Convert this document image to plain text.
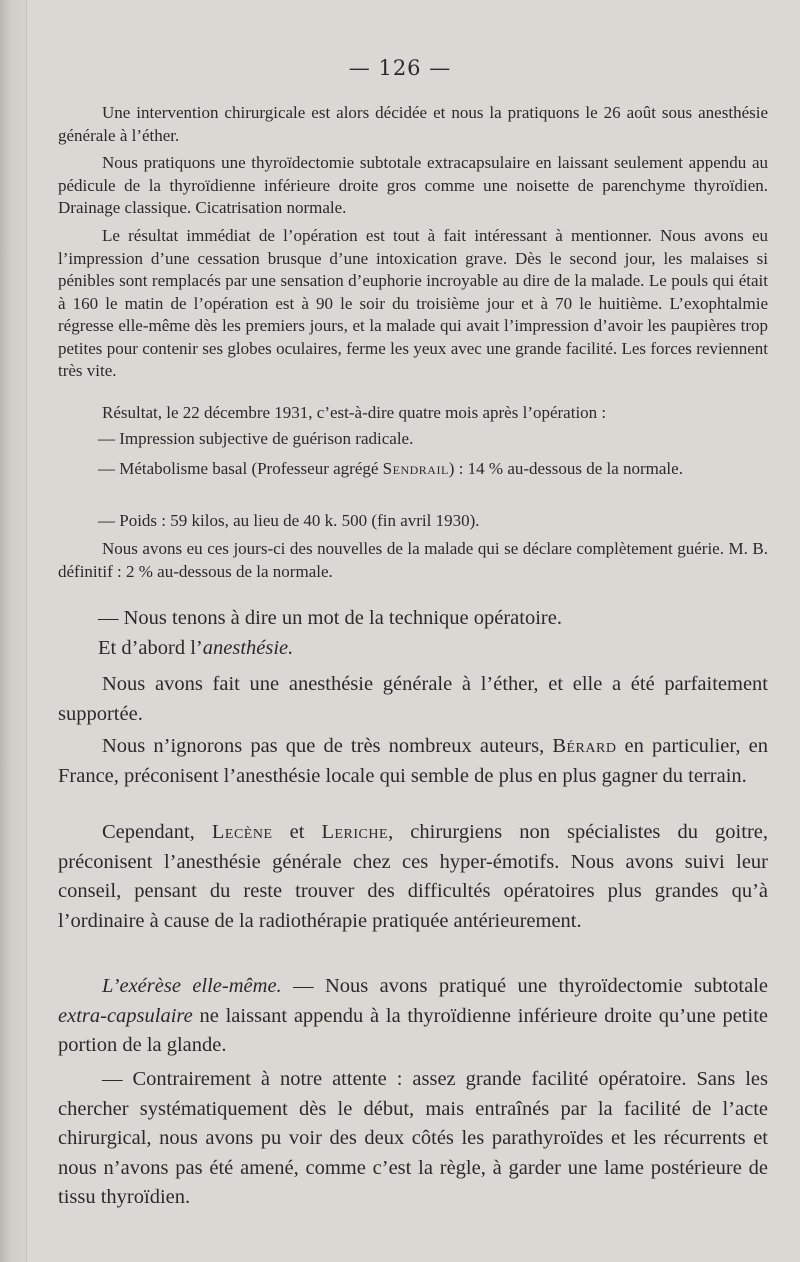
— 126 —

Une intervention chirurgicale est alors décidée et nous la pratiquons le 26 août sous anesthésie générale à l’éther.

Nous pratiquons une thyroïdectomie subtotale extracapsulaire en laissant seulement appendu au pédicule de la thyroïdienne inférieure droite gros comme une noisette de parenchyme thyroïdien. Drainage classique. Cicatrisation normale.

Le résultat immédiat de l’opération est tout à fait intéressant à mentionner. Nous avons eu l’impression d’une cessation brusque d’une intoxication grave. Dès le second jour, les malaises si pénibles sont remplacés par une sensation d’euphorie incroyable au dire de la malade. Le pouls qui était à 160 le matin de l’opération est à 90 le soir du troisième jour et à 70 le huitième. L’exophtalmie régresse elle-même dès les premiers jours, et la malade qui avait l’impression d’avoir les paupières trop petites pour contenir ses globes oculaires, ferme les yeux avec une grande facilité. Les forces reviennent très vite.

Résultat, le 22 décembre 1931, c’est-à-dire quatre mois après l’opération :

— Impression subjective de guérison radicale.

— Métabolisme basal (Professeur agrégé Sendrail) : 14 % au-dessous de la normale.

— Poids : 59 kilos, au lieu de 40 k. 500 (fin avril 1930).

Nous avons eu ces jours-ci des nouvelles de la malade qui se déclare complètement guérie. M. B. définitif : 2 % au-dessous de la normale.

— Nous tenons à dire un mot de la technique opératoire.

Et d’abord l’anesthésie.

Nous avons fait une anesthésie générale à l’éther, et elle a été parfaitement supportée.

Nous n’ignorons pas que de très nombreux auteurs, Bérard en particulier, en France, préconisent l’anesthésie locale qui semble de plus en plus gagner du terrain.

Cependant, Lecène et Leriche, chirurgiens non spécialistes du goitre, préconisent l’anesthésie générale chez ces hyper-émotifs. Nous avons suivi leur conseil, pensant du reste trouver des difficultés opératoires plus grandes qu’à l’ordinaire à cause de la radiothérapie pratiquée antérieurement.

L’exérèse elle-même. — Nous avons pratiqué une thyroïdectomie subtotale extra-capsulaire ne laissant appendu à la thyroïdienne inférieure droite qu’une petite portion de la glande.

— Contrairement à notre attente : assez grande facilité opératoire. Sans les chercher systématiquement dès le début, mais entraînés par la facilité de l’acte chirurgical, nous avons pu voir des deux côtés les parathyroïdes et les récurrents et nous n’avons pas été amené, comme c’est la règle, à garder une lame postérieure de tissu thyroïdien.
